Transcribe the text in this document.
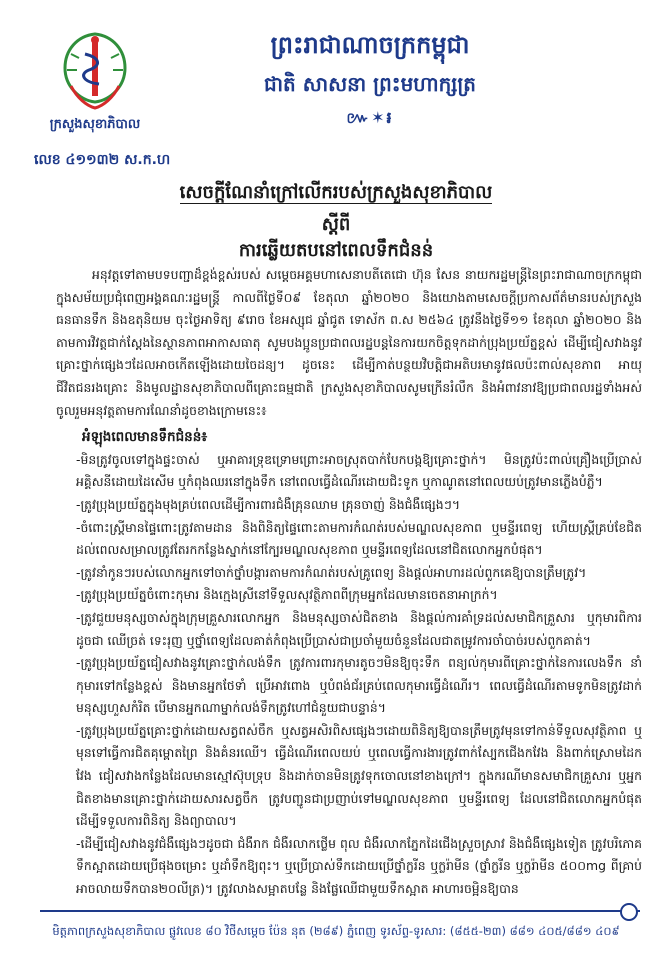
ក្រសួងសុខាភិបាល
លេខ ៤១១៣២ ស.ក.ហ
ព្រះរាជាណាចក្រកម្ពុជា
ជាតិ សាសនា ព្រះមហាក្សត្រ
៚✶៛
សេចក្តីណែនាំក្រៅលើករបស់ក្រសួងសុខាភិបាល
ស្តីពី
ការឆ្លើយតបនៅពេលទឹកជំនន់

អនុវត្តទៅតាមបទបញ្ជាដ៏ខ្ពង់ខ្ពស់របស់ សម្តេចអគ្គមហាសេនាបតីតេជោ ហ៊ុន សែន នាយករដ្ឋមន្ត្រីនៃព្រះរាជាណាចក្រកម្ពុជា ក្នុងសម័យប្រជុំពេញអង្គគណៈរដ្ឋមន្ត្រី កាលពីថ្ងៃទី០៩ ខែតុលា ឆ្នាំ២០២០ និងយោងតាមសេចក្តីប្រកាសព័ត៌មានរបស់ក្រសួងធនធានទឹក និងឧតុនិយម ចុះថ្ងៃអាទិត្យ ៩រោច ខែអស្សុជ ឆ្នាំជូត ទោស័ក ព.ស ២៥៦៤ ត្រូវនឹងថ្ងៃទី១១ ខែតុលា ឆ្នាំ២០២០ និងតាមការវិវត្តជាក់ស្តែងនៃស្ថានភាពអាកាសធាតុ សូមបងប្អូនប្រជាពលរដ្ឋបន្តនៃការយកចិត្តទុកដាក់ប្រុងប្រយ័ត្នខ្ពស់ ដើម្បីជៀសវាងនូវគ្រោះថ្នាក់ផ្សេងៗដែលអាចកើតឡើងដោយចៃដន្យ។ ដូចនេះ ដើម្បីកាត់បន្ថយវិបត្តិជាអតិបរមានូវផលប៉ះពាល់សុខភាព អាយុជីវិតជនរងគ្រោះ និងមូលដ្ឋានសុខាភិបាលពីគ្រោះធម្មជាតិ ក្រសួងសុខាភិបាលសូមក្រើនរំលឹក និងអំពាវនាវឱ្យប្រជាពលរដ្ឋទាំងអស់ ចូលរួមអនុវត្តតាមការណែនាំដូចខាងក្រោមនេះ៖

អំឡុងពេលមានទឹកជំនន់៖

-មិនត្រូវចូលទៅក្នុងផ្ទះចាស់ ឬអាគារទ្រុឌទ្រោមព្រោះអាចស្រុតបាក់បែកបង្កឱ្យគ្រោះថ្នាក់។ មិនត្រូវប៉ះពាល់គ្រឿងប្រើប្រាស់អគ្គិសនីដោយដៃសើម ឬកំពុងឈរនៅក្នុងទឹក នៅពេលធ្វើដំណើរដោយជិះទូក ឬកាណូតនៅពេលយប់ត្រូវមានភ្លើងបំភ្លឺ។

-ត្រូវប្រុងប្រយ័ត្នក្នុងមុងគ្រប់ពេលដើម្បីការពារជំងឺគ្រុនឈាម គ្រុនចាញ់ និងជំងឺផ្សេងៗ។

-ចំពោះស្ត្រីមានផ្ទៃពោះត្រូវតាមដាន និងពិនិត្យផ្ទៃពោះតាមការកំណត់របស់មណ្ឌលសុខភាព ឬមន្ទីរពេទ្យ ហើយស្ត្រីគ្រប់ខែជិតដល់ពេលសម្រាលត្រូវតែរកកន្លែងស្នាក់នៅក្បែរមណ្ឌលសុខភាព ឬមន្ទីរពេទ្យដែលនៅជិតលោកអ្នកបំផុត។

-ត្រូវនាំកូនៗរបស់លោកអ្នកទៅចាក់ថ្នាំបង្ការតាមការកំណត់របស់គ្រូពេទ្យ និងផ្តល់អាហារដល់ពួកគេឱ្យបានត្រឹមត្រូវ។

-ត្រូវប្រុងប្រយ័ត្នចំពោះកុមារ និងក្មេងស្រីនៅទីទួលសុវត្ថិភាពពីក្រុមអ្នកដែលមានចេតនាអាក្រក់។

-ត្រូវជួយមនុស្សចាស់ក្នុងក្រុមគ្រួសារលោកអ្នក និងមនុស្សចាស់ជិតខាង និងផ្តល់ការគាំទ្រដល់សមាជិកគ្រួសារ ឬកុមារពិការ ដូចជា ឈើច្រត់ ទេះរុញ ឬថ្នាំពេទ្យដែលគាត់កំពុងប្រើប្រាស់ជាប្រចាំមួយចំនួនដែលជាតម្រូវការចាំបាច់របស់ពួកគាត់។

-ត្រូវប្រុងប្រយ័ត្នជៀសវាងនូវគ្រោះថ្នាក់លង់ទឹក ត្រូវការពារកុមារតូចៗមិនឱ្យចុះទឹក ពន្យល់កុមារពីគ្រោះថ្នាក់នៃការលេងទឹក នាំកុមារទៅកន្លែងខ្ពស់ និងមានអ្នកថែទាំ ប្រើអាវពោង ឬបំពង់ជ័រគ្រប់ពេលកុមារធ្វើដំណើរ។ ពេលធ្វើដំណើរតាមទូកមិនត្រូវដាក់ មនុស្សហួសកំរិត បើមានអ្នកណាម្នាក់លង់ទឹកត្រូវហៅជំនួយជាបន្ទាន់។

-ត្រូវប្រុងប្រយ័ត្នគ្រោះថ្នាក់ដោយសត្វពស់ចឹក ឬសត្វអសិរពិសផ្សេងៗដោយពិនិត្យឱ្យបានត្រឹមត្រូវមុនទៅកាន់ទីទួលសុវត្ថិភាព ឬមុនទៅធ្វើការជិតគុម្ពោតព្រៃ និងគំនរឈើ។ ធ្វើដំណើរពេលយប់ ឬពេលធ្វើការងារត្រូវពាក់ស្បែកជើងកវែង និងពាក់ស្រោមដៃកវែង ជៀសវាងកន្លែងដែលមានស្មៅស៊ុបទ្រុប និងដាក់ចានមិនត្រូវទុកចោលនៅខាងក្រៅ។ ក្នុងករណីមានសមាជិកគ្រួសារ ឬអ្នកជិតខាងមានគ្រោះថ្នាក់ដោយសារសត្វចឹក ត្រូវបញ្ជូនជាប្រញាប់ទៅមណ្ឌលសុខភាព ឬមន្ទីរពេទ្យ ដែលនៅជិតលោកអ្នកបំផុត ដើម្បីទទួលការពិនិត្យ និងព្យាបាល។

-ដើម្បីជៀសវាងនូវជំងឺផ្សេងៗដូចជា ជំងឺរាក ជំងឺរលាកថ្លើម ពុល ជំងឺរលាកភ្នែកដៃជើងស្រួចស្រាវ និងជំងឺផ្សេងទៀត ត្រូវបរិភោគទឹកស្អាតដោយប្រើផុងចម្រោះ ឬដាំទឹកឱ្យពុះ។ ឬប្រើប្រាស់ទឹកដោយប្រើថ្នាំក្លរីន ឬក្លរ៉ាមីន (ថ្នាំក្លរីន ឬក្លរ៉ាមីន ៥០០mg ពីគ្រាប់ អាចលាយទឹកបាន២០លីត្រ)។ ត្រូវលាងសម្អាតបន្លែ និងផ្លែឈើជាមួយទឹកស្អាត អាហារចម្អិនឱ្យបាន

មិត្តភាពក្រសួងសុខាភិបាល ផ្លូវលេខ ៨០ វិថីសម្តេច ប៉ែន នុត (២៨៩) ភ្នំពេញ ទូរស័ព្ទ-ទូរសារ: (៨៥៥-២៣) ៨៨១ ៤០៥/៨៨១ ៤០៩
